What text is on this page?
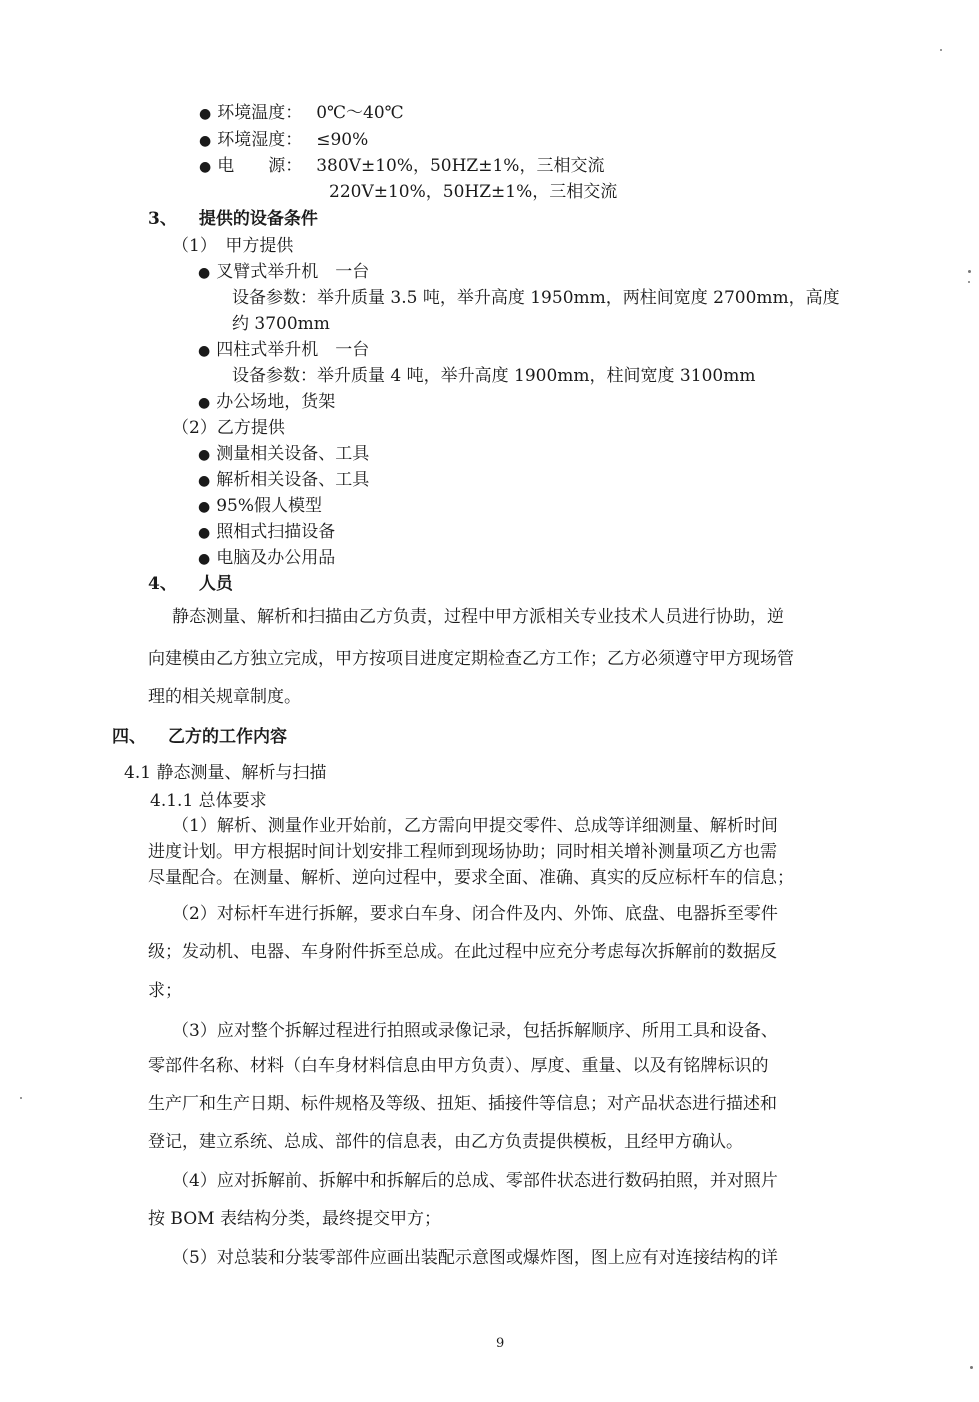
● 环境温度： 0℃～40℃
● 环境湿度： ≤90%
● 电　　源： 380V±10%，50HZ±1%，三相交流
220V±10%，50HZ±1%，三相交流
3、 提供的设备条件
（1）　甲方提供
● 叉臂式举升机　一台
设备参数：举升质量 3.5 吨，举升高度 1950mm，两柱间宽度 2700mm，高度
约 3700mm
● 四柱式举升机　一台
设备参数：举升质量 4 吨，举升高度 1900mm，柱间宽度 3100mm
● 办公场地，货架
（2）乙方提供
● 测量相关设备、工具
● 解析相关设备、工具
● 95%假人模型
● 照相式扫描设备
● 电脑及办公用品
4、 人员
静态测量、解析和扫描由乙方负责，过程中甲方派相关专业技术人员进行协助，逆
向建模由乙方独立完成，甲方按项目进度定期检查乙方工作；乙方必须遵守甲方现场管
理的相关规章制度。
四、 乙方的工作内容
4.1 静态测量、解析与扫描
4.1.1 总体要求
（1）解析、测量作业开始前，乙方需向甲提交零件、总成等详细测量、解析时间
进度计划。甲方根据时间计划安排工程师到现场协助；同时相关增补测量项乙方也需
尽量配合。在测量、解析、逆向过程中，要求全面、准确、真实的反应标杆车的信息；
（2）对标杆车进行拆解，要求白车身、闭合件及内、外饰、底盘、电器拆至零件
级；发动机、电器、车身附件拆至总成。在此过程中应充分考虑每次拆解前的数据反
求；
（3）应对整个拆解过程进行拍照或录像记录，包括拆解顺序、所用工具和设备、
零部件名称、材料（白车身材料信息由甲方负责）、厚度、重量、以及有铭牌标识的
生产厂和生产日期、标件规格及等级、扭矩、插接件等信息；对产品状态进行描述和
登记，建立系统、总成、部件的信息表，由乙方负责提供模板，且经甲方确认。
（4）应对拆解前、拆解中和拆解后的总成、零部件状态进行数码拍照，并对照片
按 BOM 表结构分类，最终提交甲方；
（5）对总装和分装零部件应画出装配示意图或爆炸图，图上应有对连接结构的详
9
